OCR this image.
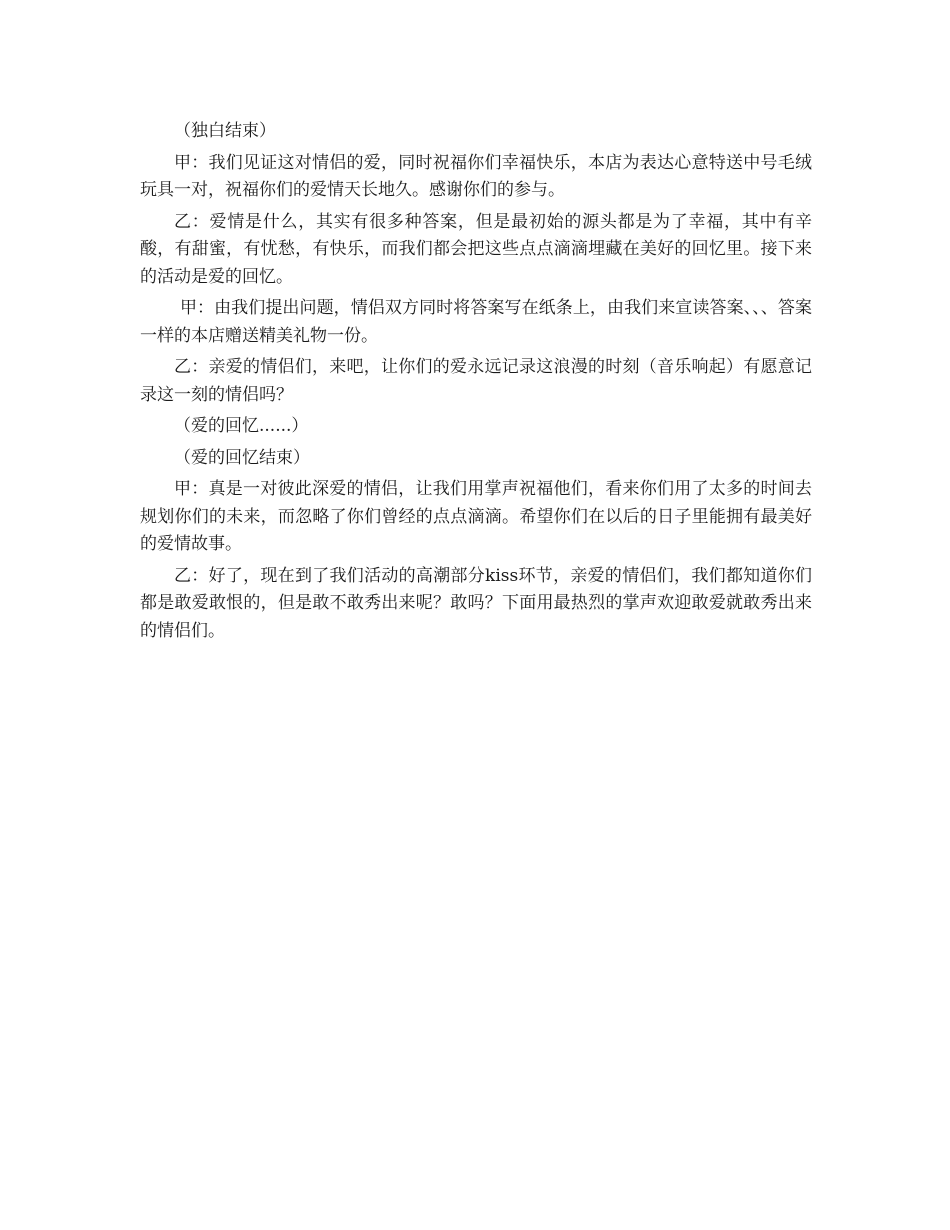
（独白结束）

甲：我们见证这对情侣的爱，同时祝福你们幸福快乐，本店为表达心意特送中号毛绒玩具一对，祝福你们的爱情天长地久。感谢你们的参与。

乙：爱情是什么，其实有很多种答案，但是最初始的源头都是为了幸福，其中有辛酸，有甜蜜，有忧愁，有快乐，而我们都会把这些点点滴滴埋藏在美好的回忆里。接下来的活动是爱的回忆。

甲：由我们提出问题，情侣双方同时将答案写在纸条上，由我们来宣读答案、、、答案一样的本店赠送精美礼物一份。

乙：亲爱的情侣们，来吧，让你们的爱永远记录这浪漫的时刻（音乐响起）有愿意记录这一刻的情侣吗？

（爱的回忆......）

（爱的回忆结束）

甲：真是一对彼此深爱的情侣，让我们用掌声祝福他们，看来你们用了太多的时间去规划你们的未来，而忽略了你们曾经的点点滴滴。希望你们在以后的日子里能拥有最美好的爱情故事。

乙：好了，现在到了我们活动的高潮部分kiss环节，亲爱的情侣们，我们都知道你们都是敢爱敢恨的，但是敢不敢秀出来呢？敢吗？下面用最热烈的掌声欢迎敢爱就敢秀出来的情侣们。
